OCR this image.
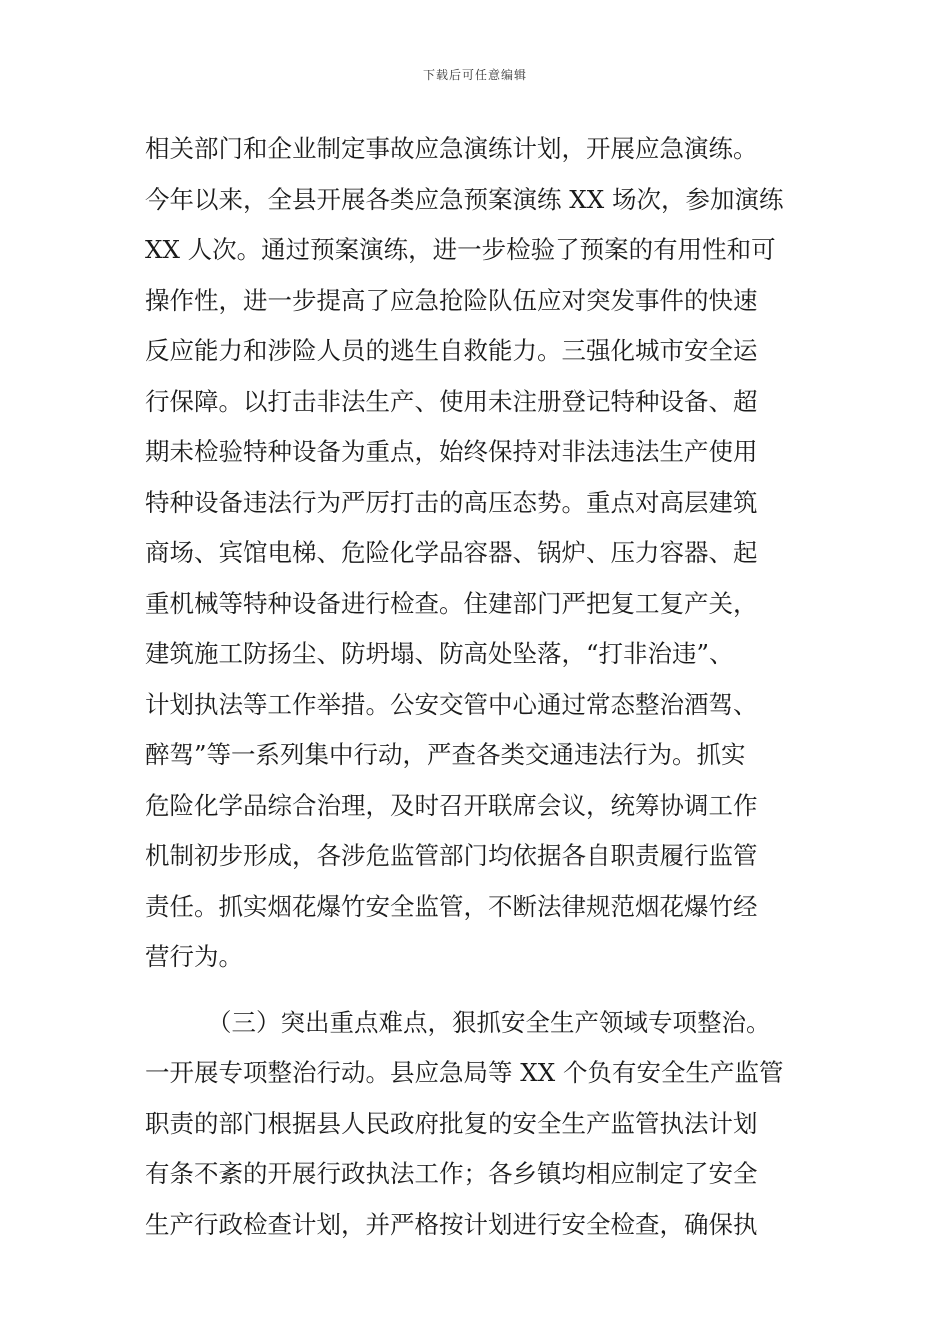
下载后可任意编辑
相关部门和企业制定事故应急演练计划，开展应急演练。
今年以来，全县开展各类应急预案演练 XX 场次，参加演练
XX 人次。通过预案演练，进一步检验了预案的有用性和可
操作性，进一步提高了应急抢险队伍应对突发事件的快速
反应能力和涉险人员的逃生自救能力。三强化城市安全运
行保障。以打击非法生产、使用未注册登记特种设备、超
期未检验特种设备为重点，始终保持对非法违法生产使用
特种设备违法行为严厉打击的高压态势。重点对高层建筑
商场、宾馆电梯、危险化学品容器、锅炉、压力容器、起
重机械等特种设备进行检查。住建部门严把复工复产关，
建筑施工防扬尘、防坍塌、防高处坠落，“打非治违”、
计划执法等工作举措。公安交管中心通过常态整治酒驾、
醉驾”等一系列集中行动，严查各类交通违法行为。抓实
危险化学品综合治理，及时召开联席会议，统筹协调工作
机制初步形成，各涉危监管部门均依据各自职责履行监管
责任。抓实烟花爆竹安全监管，不断法律规范烟花爆竹经
营行为。
（三）突出重点难点，狠抓安全生产领域专项整治。
一开展专项整治行动。县应急局等 XX 个负有安全生产监管
职责的部门根据县人民政府批复的安全生产监管执法计划
有条不紊的开展行政执法工作；各乡镇均相应制定了安全
生产行政检查计划，并严格按计划进行安全检查，确保执
